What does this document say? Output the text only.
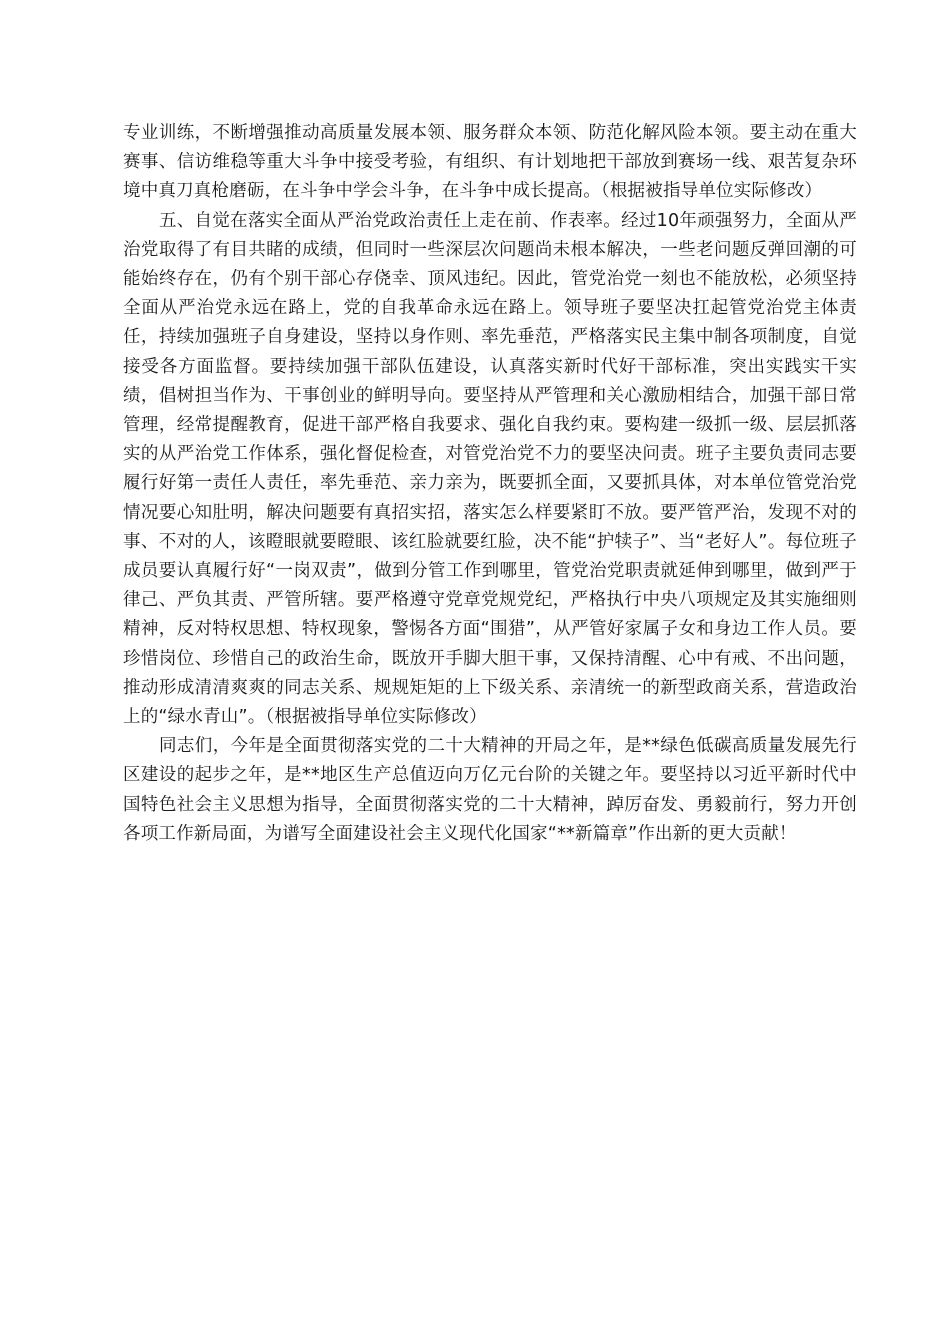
专业训练，不断增强推动高质量发展本领、服务群众本领、防范化解风险本领。要主动在重大赛事、信访维稳等重大斗争中接受考验，有组织、有计划地把干部放到赛场一线、艰苦复杂环境中真刀真枪磨砺，在斗争中学会斗争，在斗争中成长提高。（根据被指导单位实际修改）

五、自觉在落实全面从严治党政治责任上走在前、作表率。经过10年顽强努力，全面从严治党取得了有目共睹的成绩，但同时一些深层次问题尚未根本解决，一些老问题反弹回潮的可能始终存在，仍有个别干部心存侥幸、顶风违纪。因此，管党治党一刻也不能放松，必须坚持全面从严治党永远在路上，党的自我革命永远在路上。领导班子要坚决扛起管党治党主体责任，持续加强班子自身建设，坚持以身作则、率先垂范，严格落实民主集中制各项制度，自觉接受各方面监督。要持续加强干部队伍建设，认真落实新时代好干部标准，突出实践实干实绩，倡树担当作为、干事创业的鲜明导向。要坚持从严管理和关心激励相结合，加强干部日常管理，经常提醒教育，促进干部严格自我要求、强化自我约束。要构建一级抓一级、层层抓落实的从严治党工作体系，强化督促检查，对管党治党不力的要坚决问责。班子主要负责同志要履行好第一责任人责任，率先垂范、亲力亲为，既要抓全面，又要抓具体，对本单位管党治党情况要心知肚明，解决问题要有真招实招，落实怎么样要紧盯不放。要严管严治，发现不对的事、不对的人，该瞪眼就要瞪眼、该红脸就要红脸，决不能“护犊子”、当“老好人”。每位班子成员要认真履行好“一岗双责”，做到分管工作到哪里，管党治党职责就延伸到哪里，做到严于律己、严负其责、严管所辖。要严格遵守党章党规党纪，严格执行中央八项规定及其实施细则精神，反对特权思想、特权现象，警惕各方面“围猎”，从严管好家属子女和身边工作人员。要珍惜岗位、珍惜自己的政治生命，既放开手脚大胆干事，又保持清醒、心中有戒、不出问题，推动形成清清爽爽的同志关系、规规矩矩的上下级关系、亲清统一的新型政商关系，营造政治上的“绿水青山”。（根据被指导单位实际修改）

同志们，今年是全面贯彻落实党的二十大精神的开局之年，是**绿色低碳高质量发展先行区建设的起步之年，是**地区生产总值迈向万亿元台阶的关键之年。要坚持以习近平新时代中国特色社会主义思想为指导，全面贯彻落实党的二十大精神，踔厉奋发、勇毅前行，努力开创各项工作新局面，为谱写全面建设社会主义现代化国家“**新篇章”作出新的更大贡献！
